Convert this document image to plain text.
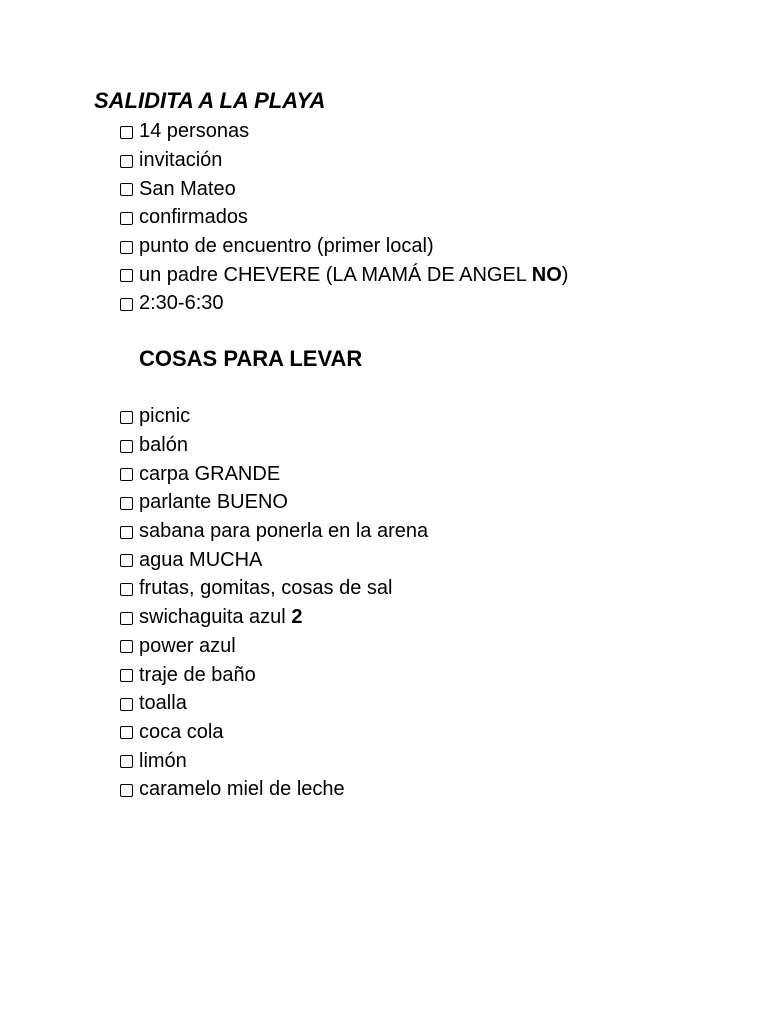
SALIDITA A LA PLAYA
14 personas
invitación
San Mateo
confirmados
punto de encuentro (primer local)
un padre CHEVERE (LA MAMÁ DE ANGEL NO)
2:30-6:30
COSAS PARA LEVAR
picnic
balón
carpa GRANDE
parlante BUENO
sabana para ponerla en la arena
agua MUCHA
frutas, gomitas, cosas de sal
swichaguita azul 2
power azul
traje de baño
toalla
coca cola
limón
caramelo miel de leche
